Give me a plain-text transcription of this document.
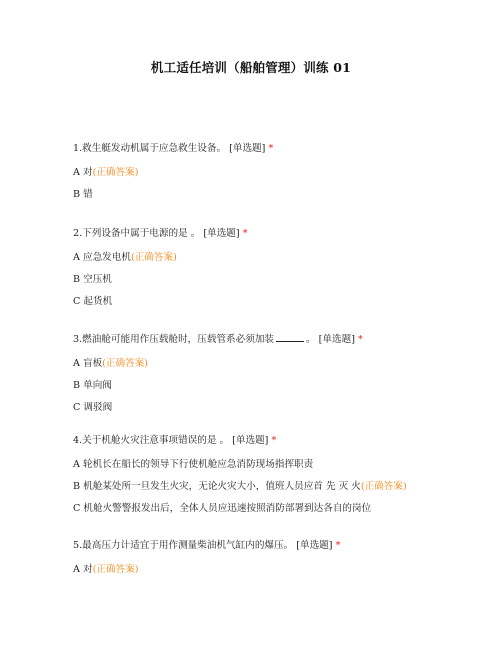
机工适任培训（船舶管理）训练 01
1.救生艇发动机属于应急救生设备。 [单选题] *
A 对(正确答案)
B 错
2.下列设备中属于电源的是 。 [单选题] *
A 应急发电机(正确答案)
B 空压机
C 起货机
3.燃油舱可能用作压载舱时，压载管系必须加装	。 [单选题] *
A 盲板(正确答案)
B 单向阀
C 调驳阀
4.关于机舱火灾注意事项错误的是 。 [单选题] *
A 轮机长在船长的领导下行使机舱应急消防现场指挥职责
B 机舱某处所一旦发生火灾，无论火灾大小，值班人员应首 先 灭 火(正确答案)
C 机舱火警警报发出后，全体人员应迅速按照消防部署到达各自的岗位
5.最高压力计适宜于用作测量柴油机气缸内的爆压。 [单选题] *
A 对(正确答案)
